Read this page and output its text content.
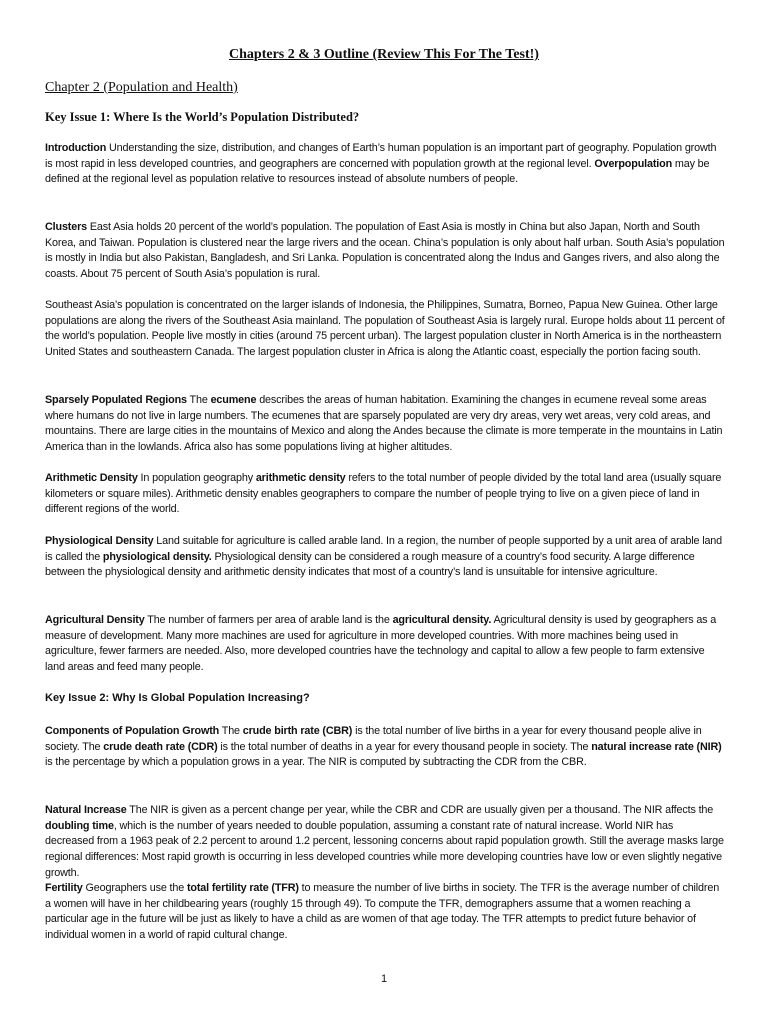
Chapters 2 & 3 Outline (Review This For The Test!)
Chapter 2 (Population and Health)
Key Issue 1: Where Is the World’s Population Distributed?
Introduction Understanding the size, distribution, and changes of Earth’s human population is an important part of geography. Population growth is most rapid in less developed countries, and geographers are concerned with population growth at the regional level. Overpopulation may be defined at the regional level as population relative to resources instead of absolute numbers of people.
Clusters East Asia holds 20 percent of the world’s population. The population of East Asia is mostly in China but also Japan, North and South Korea, and Taiwan. Population is clustered near the large rivers and the ocean. China’s population is only about half urban. South Asia’s population is mostly in India but also Pakistan, Bangladesh, and Sri Lanka. Population is concentrated along the Indus and Ganges rivers, and also along the coasts. About 75 percent of South Asia’s population is rural.
Southeast Asia’s population is concentrated on the larger islands of Indonesia, the Philippines, Sumatra, Borneo, Papua New Guinea. Other large populations are along the rivers of the Southeast Asia mainland. The population of Southeast Asia is largely rural. Europe holds about 11 percent of the world’s population. People live mostly in cities (around 75 percent urban). The largest population cluster in North America is in the northeastern United States and southeastern Canada. The largest population cluster in Africa is along the Atlantic coast, especially the portion facing south.
Sparsely Populated Regions The ecumene describes the areas of human habitation. Examining the changes in ecumene reveal some areas where humans do not live in large numbers. The ecumenes that are sparsely populated are very dry areas, very wet areas, very cold areas, and mountains. There are large cities in the mountains of Mexico and along the Andes because the climate is more temperate in the mountains in Latin America than in the lowlands. Africa also has some populations living at higher altitudes.
Arithmetic Density In population geography arithmetic density refers to the total number of people divided by the total land area (usually square kilometers or square miles). Arithmetic density enables geographers to compare the number of people trying to live on a given piece of land in different regions of the world.
Physiological Density Land suitable for agriculture is called arable land. In a region, the number of people supported by a unit area of arable land is called the physiological density. Physiological density can be considered a rough measure of a country’s food security. A large difference between the physiological density and arithmetic density indicates that most of a country’s land is unsuitable for intensive agriculture.
Agricultural Density The number of farmers per area of arable land is the agricultural density. Agricultural density is used by geographers as a measure of development. Many more machines are used for agriculture in more developed countries. With more machines being used in agriculture, fewer farmers are needed. Also, more developed countries have the technology and capital to allow a few people to farm extensive land areas and feed many people.
Key Issue 2: Why Is Global Population Increasing?
Components of Population Growth The crude birth rate (CBR) is the total number of live births in a year for every thousand people alive in society. The crude death rate (CDR) is the total number of deaths in a year for every thousand people in society. The natural increase rate (NIR) is the percentage by which a population grows in a year. The NIR is computed by subtracting the CDR from the CBR.
Natural Increase The NIR is given as a percent change per year, while the CBR and CDR are usually given per a thousand. The NIR affects the doubling time, which is the number of years needed to double population, assuming a constant rate of natural increase. World NIR has decreased from a 1963 peak of 2.2 percent to around 1.2 percent, lessoning concerns about rapid population growth. Still the average masks large regional differences: Most rapid growth is occurring in less developed countries while more developing countries have low or even slightly negative growth.
Fertility Geographers use the total fertility rate (TFR) to measure the number of live births in society. The TFR is the average number of children a women will have in her childbearing years (roughly 15 through 49). To compute the TFR, demographers assume that a women reaching a particular age in the future will be just as likely to have a child as are women of that age today. The TFR attempts to predict future behavior of individual women in a world of rapid cultural change.
1
